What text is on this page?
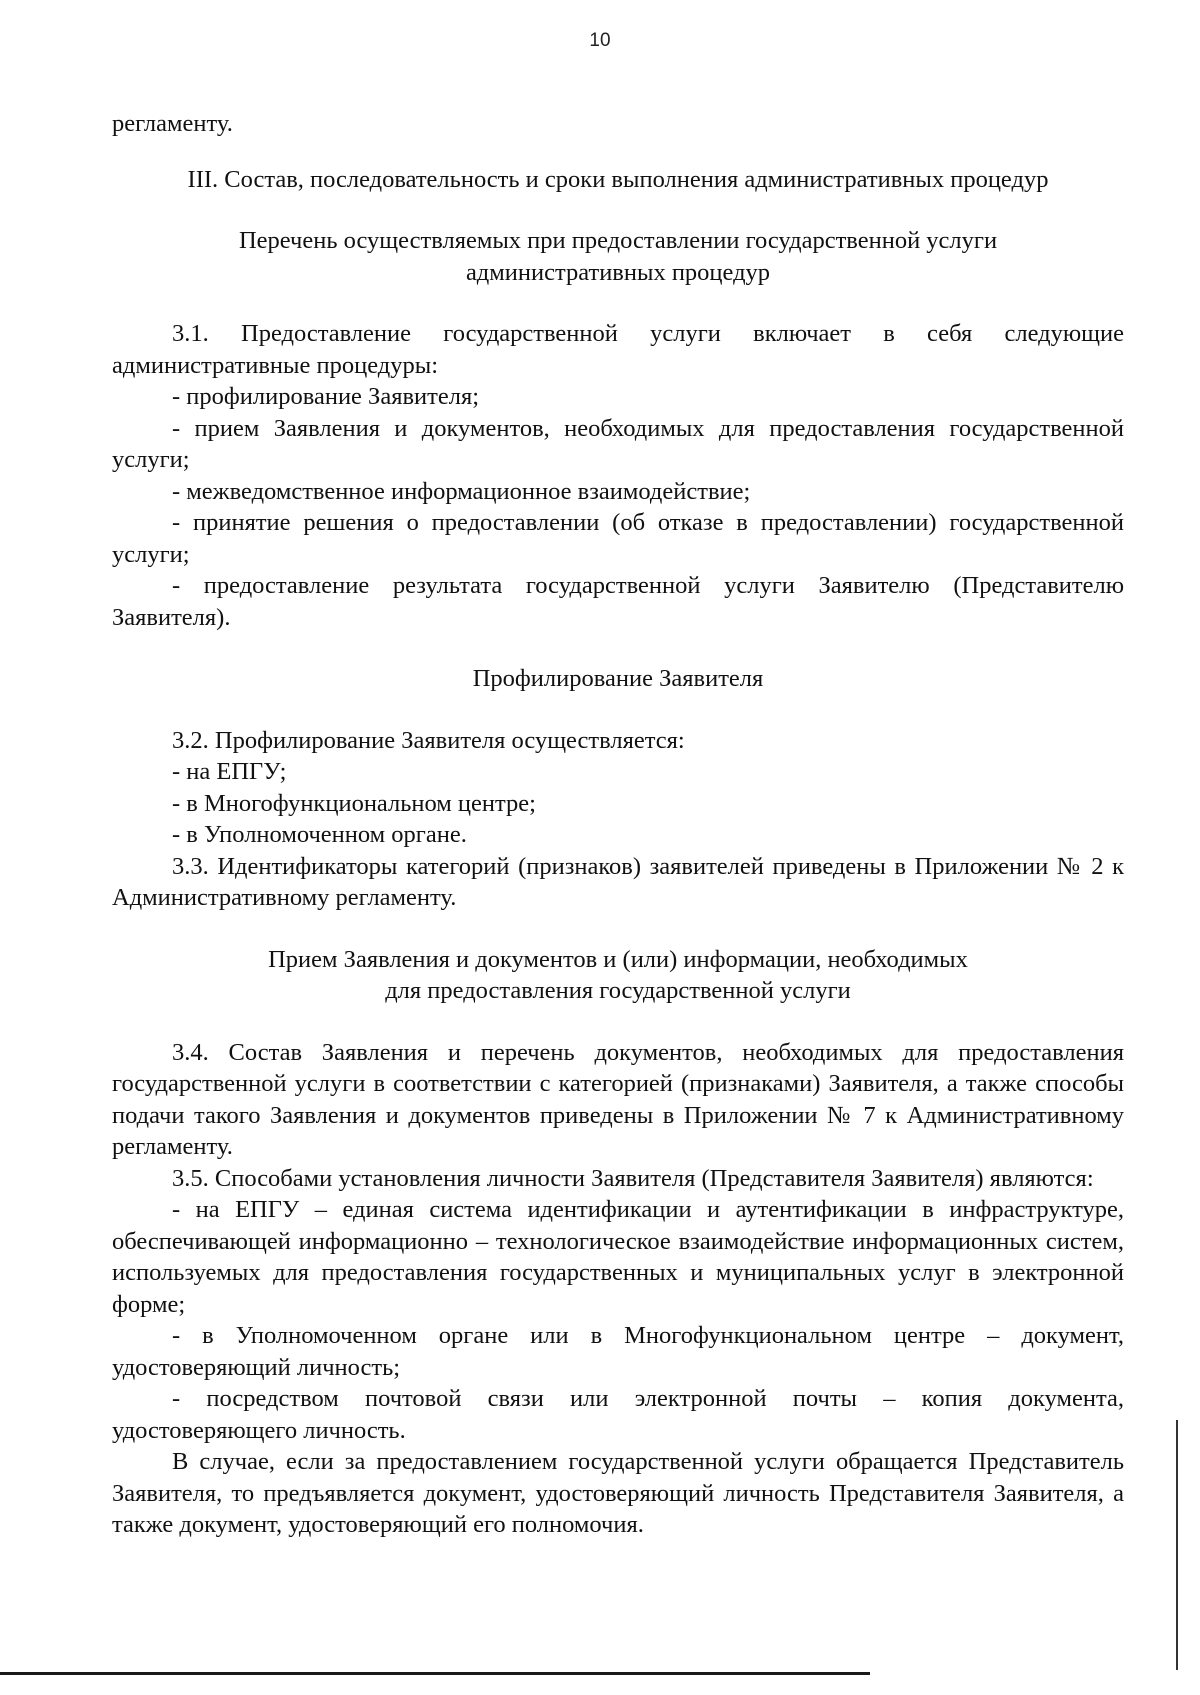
10

регламенту.

III. Состав, последовательность и сроки выполнения административных процедур

Перечень осуществляемых при предоставлении государственной услуги

административных процедур

3.1. Предоставление государственной услуги включает в себя следующие административные процедуры:

- профилирование Заявителя;

- прием Заявления и документов, необходимых для предоставления государственной услуги;

- межведомственное информационное взаимодействие;

- принятие решения о предоставлении (об отказе в предоставлении) государственной услуги;

- предоставление результата государственной услуги Заявителю (Представителю Заявителя).

Профилирование Заявителя

3.2. Профилирование Заявителя осуществляется:

- на ЕПГУ;

- в Многофункциональном центре;

- в Уполномоченном органе.

3.3. Идентификаторы категорий (признаков) заявителей приведены в Приложении № 2 к Административному регламенту.

Прием Заявления и документов и (или) информации, необходимых

для предоставления государственной услуги

3.4. Состав Заявления и перечень документов, необходимых для предоставления государственной услуги в соответствии с категорией (признаками) Заявителя, а также способы подачи такого Заявления и документов приведены в Приложении № 7 к Административному регламенту.

3.5. Способами установления личности Заявителя (Представителя Заявителя) являются:

- на ЕПГУ – единая система идентификации и аутентификации в инфраструктуре, обеспечивающей информационно – технологическое взаимодействие информационных систем, используемых для предоставления государственных и муниципальных услуг в электронной форме;

- в Уполномоченном органе или в Многофункциональном центре – документ, удостоверяющий личность;

- посредством почтовой связи или электронной почты – копия документа, удостоверяющего личность.

В случае, если за предоставлением государственной услуги обращается Представитель Заявителя, то предъявляется документ, удостоверяющий личность Представителя Заявителя, а также документ, удостоверяющий его полномочия.
